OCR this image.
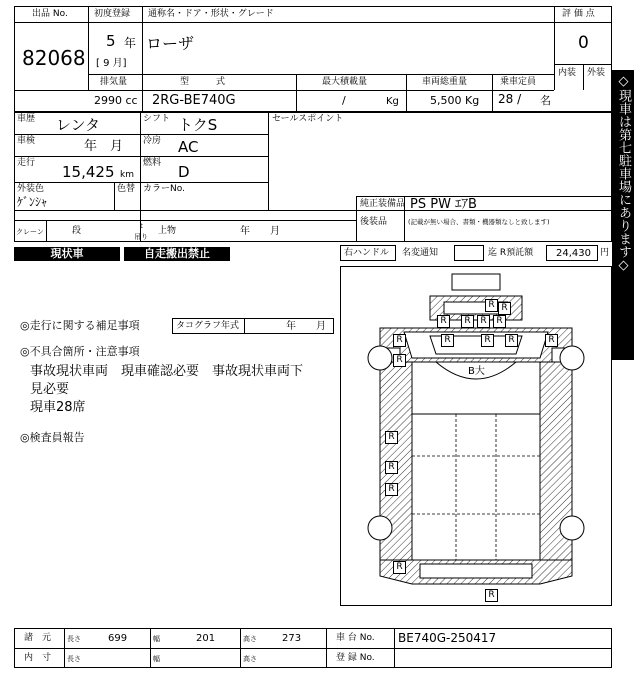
出品 No.
82068
初度登録
5 年
[ 9 月]
通称名・ドア・形状・グレード
ローザ
評 価 点
0
内装 外装
排気量	型　　　式	最大積載量	車両総重量	乗車定員
2990 cc 2RG-BE740G	/	Kg	5,500 Kg 28 / 名
車歴 レンタ	シフト トクS
車検	年　月 冷房 AC
走行 15,425 km
燃料 D
外装色
ｹﾞﾝｼｬ
色替 カラーNo.
セールスポイント
純正装備品 PS PW ｴｱB
後装品	(記載が無い場合、書類・機器類なしと致します)
クレーン	段	t
吊り
上物	年　　月
現状車	自走搬出禁止	右ハンドル 名変通知	迄 R預託額 24,430 円
◎走行に関する補足事項	タコグラフ年式	年　　月
◎不具合箇所・注意事項
事故現状車両　現車確認必要　事故現状車両下
見必要
現車28席
◎検査員報告
◇現車は第七駐車場にあります◇
R
R	R	R	R
R
R	R	R	R	R
R
R
R
R
R
R
B大
諸　元 長さ	699	幅	201	高さ	273	車 台 No. BE740G-250417
内　寸 長さ	幅	高さ	登 録 No.
